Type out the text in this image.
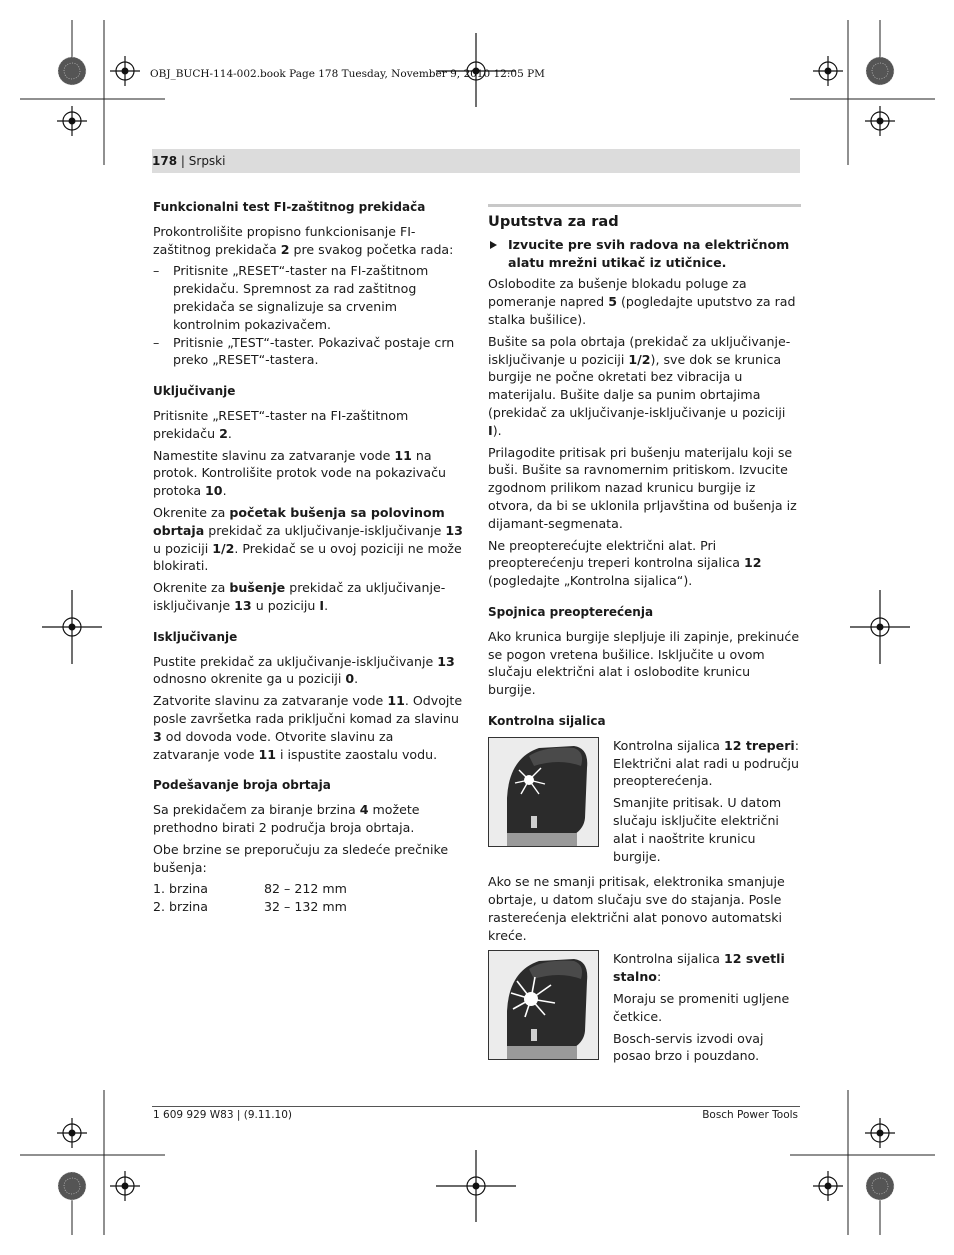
OBJ_BUCH-114-002.book Page 178 Tuesday, November 9, 2010 12:05 PM
178 | Srpski
Funkcionalni test FI-zaštitnog prekidača
Prokontrolišite propisno funkcionisanje FI-zaštitnog prekidača 2 pre svakog početka rada:
– Pritisnite „RESET“-taster na FI-zaštitnom prekidaču. Spremnost za rad zaštitnog prekidača se signalizuje sa crvenim kontrolnim pokazivačem.
– Pritisnie „TEST“-taster. Pokazivač postaje crn preko „RESET“-tastera.
Uključivanje
Pritisnite „RESET“-taster na FI-zaštitnom prekidaču 2.
Namestite slavinu za zatvaranje vode 11 na protok. Kontrolišite protok vode na pokazivaču protoka 10.
Okrenite za početak bušenja sa polovinom obrtaja prekidač za uključivanje-isključivanje 13 u poziciji 1/2. Prekidač se u ovoj poziciji ne može blokirati.
Okrenite za bušenje prekidač za uključivanje-isključivanje 13 u poziciju I.
Isključivanje
Pustite prekidač za uključivanje-isključivanje 13 odnosno okrenite ga u poziciji 0.
Zatvorite slavinu za zatvaranje vode 11. Odvojte posle završetka rada priključni komad za slavinu 3 od dovoda vode. Otvorite slavinu za zatvaranje vode 11 i ispustite zaostalu vodu.
Podešavanje broja obrtaja
Sa prekidačem za biranje brzina 4 možete prethodno birati 2 područja broja obrtaja.
Obe brzine se preporučuju za sledeće prečnike bušenja:
1. brzina	82 – 212 mm
2. brzina	32 – 132 mm
Uputstva za rad
Izvucite pre svih radova na električnom alatu mrežni utikač iz utičnice.
Oslobodite za bušenje blokadu poluge za pomeranje napred 5 (pogledajte uputstvo za rad stalka bušilice).
Bušite sa pola obrtaja (prekidač za uključivanje-isključivanje u poziciji 1/2), sve dok se krunica burgije ne počne okretati bez vibracija u materijalu. Bušite dalje sa punim obrtajima (prekidač za uključivanje-isključivanje u poziciji I).
Prilagodite pritisak pri bušenju materijalu koji se buši. Bušite sa ravnomernim pritiskom. Izvucite zgodnom prilikom nazad krunicu burgije iz otvora, da bi se uklonila prljavština od bušenja iz dijamant-segmenata.
Ne preopterećujte električni alat. Pri preopterećenju treperi kontrolna sijalica 12 (pogledajte „Kontrolna sijalica“).
Spojnica preopterećenja
Ako krunica burgije slepljuje ili zapinje, prekinuće se pogon vretena bušilice. Isključite u ovom slučaju električni alat i oslobodite krunicu burgije.
Kontrolna sijalica
Kontrolna sijalica 12 treperi: Električni alat radi u području preopterećenja.
Smanjite pritisak. U datom slučaju isključite električni alat i naoštrite krunicu burgije.
Ako se ne smanji pritisak, elektronika smanjuje obrtaje, u datom slučaju sve do stajanja. Posle rasterećenja električni alat ponovo automatski kreće.
Kontrolna sijalica 12 svetli stalno:
Moraju se promeniti ugljene četkice.
Bosch-servis izvodi ovaj posao brzo i pouzdano.
1 609 929 W83 | (9.11.10)	Bosch Power Tools
